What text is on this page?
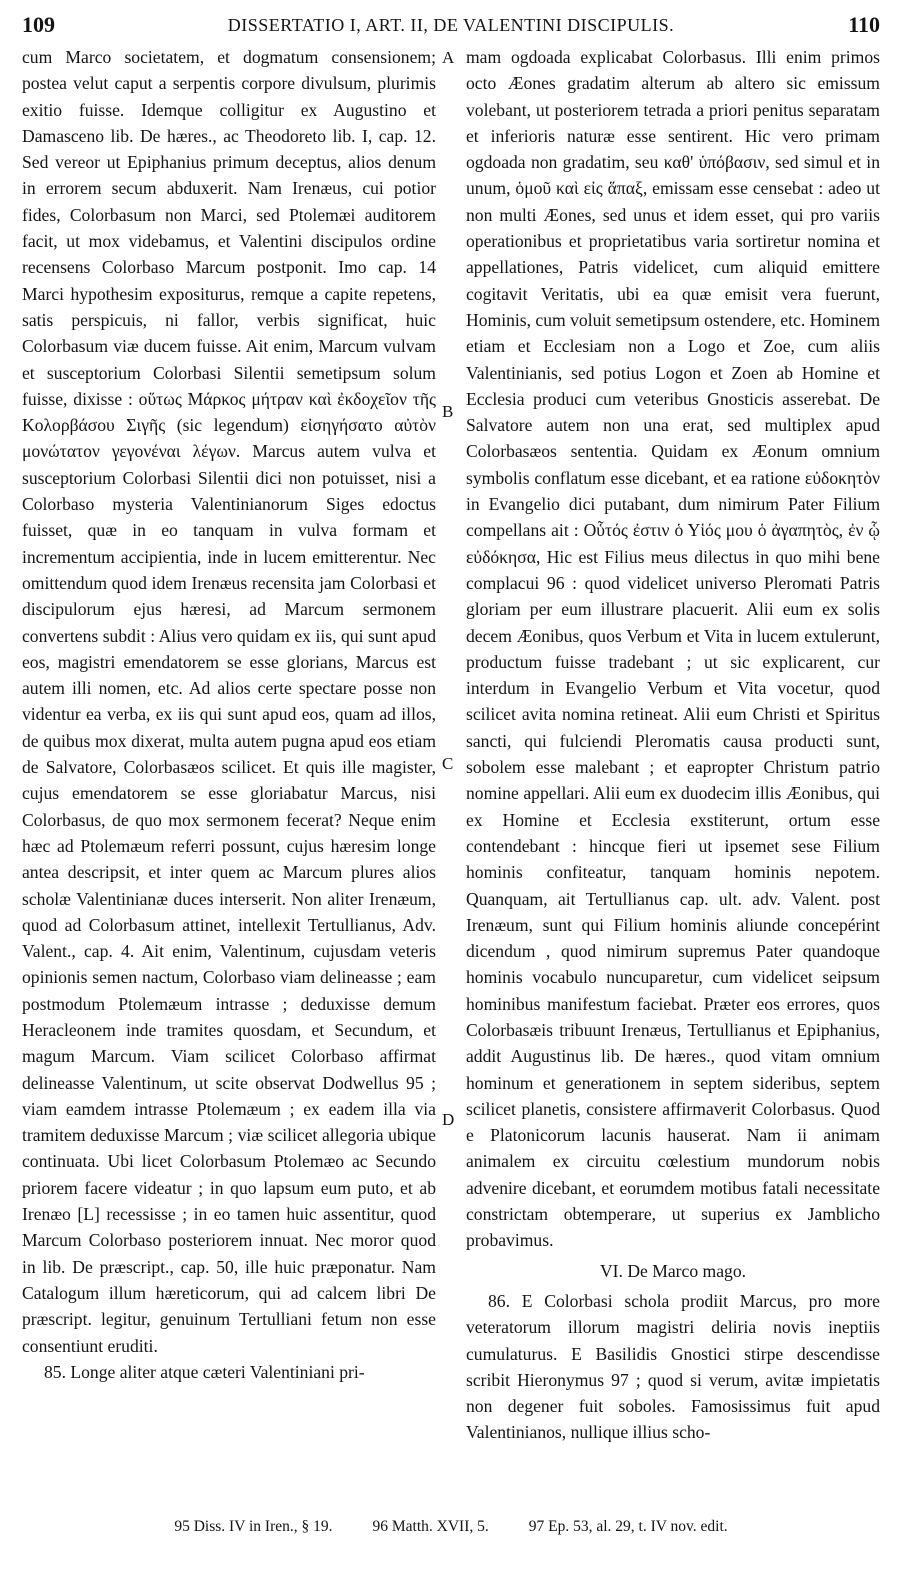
109	DISSERTATIO I, ART. II, DE VALENTINI DISCIPULIS.	110
A
B
C
D

cum Marco societatem, et dogmatum consensionem; postea velut caput a serpentis corpore divulsum, plurimis exitio fuisse. Idemque colligitur ex Augustino et Damasceno lib. De hæres., ac Theodoreto lib. I, cap. 12. Sed vereor ut Epiphanius primum deceptus, alios denum in errorem secum abduxerit. Nam Irenæus, cui potior fides, Colorbasum non Marci, sed Ptolemæi auditorem facit, ut mox videbamus, et Valentini discipulos ordine recensens Colorbaso Marcum postponit. Imo cap. 14 Marci hypothesim expositurus, remque a capite repetens, satis perspicuis, ni fallor, verbis significat, huic Colorbasum viæ ducem fuisse. Ait enim, Marcum vulvam et susceptorium Colorbasi Silentii semetipsum solum fuisse, dixisse : οὕτως Μάρκος μήτραν καὶ ἐκδοχεῖον τῆς Κολορβάσου Σιγῆς (sic legendum) εἰσηγήσατο αὐτὸν μονώτατον γεγονέναι λέγων. Marcus autem vulva et susceptorium Colorbasi Silentii dici non potuisset, nisi a Colorbaso mysteria Valentinianorum Siges edoctus fuisset, quæ in eo tanquam in vulva formam et incrementum accipientia, inde in lucem emitterentur. Nec omittendum quod idem Irenæus recensita jam Colorbasi et discipulorum ejus hæresi, ad Marcum sermonem convertens subdit : Alius vero quidam ex iis, qui sunt apud eos, magistri emendatorem se esse glorians, Marcus est autem illi nomen, etc. Ad alios certe spectare posse non videntur ea verba, ex iis qui sunt apud eos, quam ad illos, de quibus mox dixerat, multa autem pugna apud eos etiam de Salvatore, Colorbasæos scilicet. Et quis ille magister, cujus emendatorem se esse gloriabatur Marcus, nisi Colorbasus, de quo mox sermonem fecerat? Neque enim hæc ad Ptolemæum referri possunt, cujus hæresim longe antea descripsit, et inter quem ac Marcum plures alios scholæ Valentinianæ duces interserit. Non aliter Irenæum, quod ad Colorbasum attinet, intellexit Tertullianus, Adv. Valent., cap. 4. Ait enim, Valentinum, cujusdam veteris opinionis semen nactum, Colorbaso viam delineasse ; eam postmodum Ptolemæum intrasse ; deduxisse demum Heracleonem inde tramites quosdam, et Secundum, et magum Marcum. Viam scilicet Colorbaso affirmat delineasse Valentinum, ut scite observat Dodwellus 95 ; viam eamdem intrasse Ptolemæum ; ex eadem illa via tramitem deduxisse Marcum ; viæ scilicet allegoria ubique continuata. Ubi licet Colorbasum Ptolemæo ac Secundo priorem facere videatur ; in quo lapsum eum puto, et ab Irenæo [L] recessisse ; in eo tamen huic assentitur, quod Marcum Colorbaso posteriorem innuat. Nec moror quod in lib. De præscript., cap. 50, ille huic præponatur. Nam Catalogum illum hæreticorum, qui ad calcem libri De præscript. legitur, genuinum Tertulliani fetum non esse consentiunt eruditi.

85. Longe aliter atque cæteri Valentiniani pri-

mam ogdoada explicabat Colorbasus. Illi enim primos octo Æones gradatim alterum ab altero sic emissum volebant, ut posteriorem tetrada a priori penitus separatam et inferioris naturæ esse sentirent. Hic vero primam ogdoada non gradatim, seu καθ' ὑπόβασιν, sed simul et in unum, ὁμοῦ καὶ εἰς ἅπαξ, emissam esse censebat : adeo ut non multi Æones, sed unus et idem esset, qui pro variis operationibus et proprietatibus varia sortiretur nomina et appellationes, Patris videlicet, cum aliquid emittere cogitavit Veritatis, ubi ea quæ emisit vera fuerunt, Hominis, cum voluit semetipsum ostendere, etc. Hominem etiam et Ecclesiam non a Logo et Zoe, cum aliis Valentinianis, sed potius Logon et Zoen ab Homine et Ecclesia produci cum veteribus Gnosticis asserebat. De Salvatore autem non una erat, sed multiplex apud Colorbasæos sententia. Quidam ex Æonum omnium symbolis conflatum esse dicebant, et ea ratione εὐδοκητὸν in Evangelio dici putabant, dum nimirum Pater Filium compellans ait : Οὗτός ἐστιν ὁ Υἱός μου ὁ ἀγαπητὸς, ἐν ᾧ εὐδόκησα, Hic est Filius meus dilectus in quo mihi bene complacui 96 : quod videlicet universo Pleromati Patris gloriam per eum illustrare placuerit. Alii eum ex solis decem Æonibus, quos Verbum et Vita in lucem extulerunt, productum fuisse tradebant ; ut sic explicarent, cur interdum in Evangelio Verbum et Vita vocetur, quod scilicet avita nomina retineat. Alii eum Christi et Spiritus sancti, qui fulciendi Pleromatis causa producti sunt, sobolem esse malebant ; et eapropter Christum patrio nomine appellari. Alii eum ex duodecim illis Æonibus, qui ex Homine et Ecclesia exstiterunt, ortum esse contendebant : hincque fieri ut ipsemet sese Filium hominis confiteatur, tanquam hominis nepotem. Quanquam, ait Tertullianus cap. ult. adv. Valent. post Irenæum, sunt qui Filium hominis aliunde concepérint dicendum , quod nimirum supremus Pater quandoque hominis vocabulo nuncuparetur, cum videlicet seipsum hominibus manifestum faciebat. Præter eos errores, quos Colorbasæis tribuunt Irenæus, Tertullianus et Epiphanius, addit Augustinus lib. De hæres., quod vitam omnium hominum et generationem in septem sideribus, septem scilicet planetis, consistere affirmaverit Colorbasus. Quod e Platonicorum lacunis hauserat. Nam ii animam animalem ex circuitu cœlestium mundorum nobis advenire dicebant, et eorumdem motibus fatali necessitate constrictam obtemperare, ut superius ex Jamblicho probavimus.

VI. De Marco mago.

86. E Colorbasi schola prodiit Marcus, pro more veteratorum illorum magistri deliria novis ineptiis cumulaturus. E Basilidis Gnostici stirpe descendisse scribit Hieronymus 97 ; quod si verum, avitæ impietatis non degener fuit soboles. Famosissimus fuit apud Valentinianos, nullique illius scho-

95 Diss. IV in Iren., § 19.	96 Matth. XVII, 5.	97 Ep. 53, al. 29, t. IV nov. edit.
